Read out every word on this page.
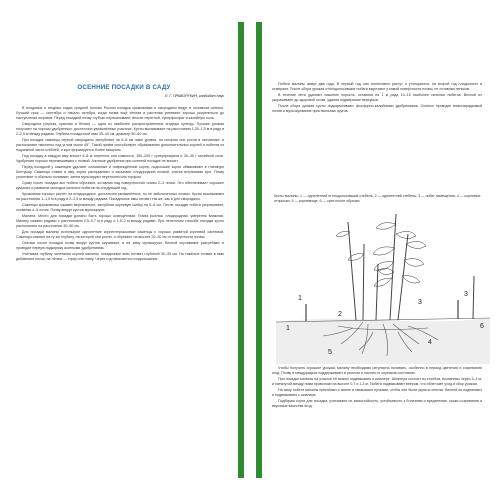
ОСЕННИЕ ПОСАДКИ В САДУ
Л. Г. ПРАВОРУКИН, кандидат наук

В плодовых и ягодных садах средней полосы России посадки крыжовника и смородины ведут в основном осенью. Лучший срок — сентябрь и начало октября, когда почва ещё тёплая и растения успевают хорошо укорениться до наступления морозов. Перед посадкой почву глубоко перекапывают, вносят перегной, суперфосфат и калийную соль.

Смородина (черная, красная и белая) — одна из наиболее распространённых ягодных культур. Лучшие урожаи получают на хорошо удобренных, достаточно увлажнённых участках. Кусты высаживают на расстоянии 1,25–1,5 м в ряду и 2–2,5 м между рядами. Глубина посадочной ямы 35–40 см, диаметр 50–60 см.

При посадке саженцы черной смородины заглубляют на 6–8 см ниже уровня, на котором они росли в питомнике, и располагают наклонно под углом около 45°. Такой приём способствует образованию дополнительных корней и побегов из подземной части стеблей, и куст формируется более мощным.

Под посадку в каждую яму вносят 6–8 кг перегноя или компоста, 150–200 г суперфосфата и 30–40 г калийной соли. Удобрения хорошо перемешивают с почвой. Азотные удобрения при осенней посадке не вносят.

Перед посадкой у саженцев удаляют сломанные и повреждённые корни, подсохшие корни обмакивают в глиняную болтушку. Саженцы ставят в яму, корни расправляют и засыпают плодородной почвой, слегка встряхивая куст. Почву уплотняют и обильно поливают, затем мульчируют перегноем или торфом.

Сразу после посадки все побеги обрезают, оставляя над поверхностью почвы 2–3 почки. Это обеспечивает хорошее кущение и развитие молодых сильных побегов на следующий год.

Крыжовник хорошо растёт на плодородных, достаточно увлажнённых, но не заболоченных почвах. Кусты высаживают на расстоянии 1–1,5 м в ряду и 2–2,5 м между рядами. Посадочные ямы готовят так же, как и для смородины.

Саженцы крыжовника сажают вертикально, заглубляя корневую шейку на 5–6 см. После посадки побеги укорачивают, оставляя 4–5 почек. Почву вокруг кустов мульчируют.

Малина. Место для посадки должно быть хорошо освещённым. Почва рыхлая, плодородная, умеренно влажная. Малину сажают рядами с расстоянием 0,5–0,7 м в ряду и 1,5–2 м между рядами. При ленточном способе посадки кусты располагают на расстоянии 30–50 см.

Для посадки малины используют однолетние корнеотпрысковые саженцы с хорошо развитой корневой системой. Саженцы сажают на ту же глубину, на которой они росли, и обрезают на высоте 20–30 см от поверхности почвы.

Осенью после посадки почву вокруг кустов окучивают, а на зиму мульчируют. Весной окучивание разгребают и проводят первую подкормку азотными удобрениями.

Учитывая глубину залегания корней малины, посадочные ямы готовят глубиной 30–35 см. На тяжёлых почвах в ямы добавляют песок, на лёгких — торф или глину. Через год начинается плодоношение.

Побеги малины живут два года. В первый год они интенсивно растут и утолщаются, на второй год плодоносят и отмирают. После сбора урожая отплодоносившие побеги вырезают у самой поверхности почвы, не оставляя пеньков.

В течение лета удаляют лишнюю поросль, оставляя на 1 м ряда 10–15 наиболее сильных побегов. Весной их укорачивают до здоровой почки, удаляя подмёрзшие верхушки.

После сбора урожая кусты подкармливают фосфорно-калийными удобрениями. Осенью проводят влагозарядковый полив и мульчирование приствольных кругов.

Кусты малины: 1 — однолетний отплодоносивший стебель; 2 — однолетний стебель; 3 — побег замещения; 4 — корневые отпрыски; 5 — корневище; 6 — срез после обрезки.
1
2
3
4
5
1
3
6

Чтобы получить хорошие урожаи, малину необходимо регулярно поливать, особенно в период цветения и созревания ягод. Почву в междурядьях поддерживают в рыхлом и чистом от сорняков состоянии.

При посадке малины на участке её можно подвязывать к шпалере. Шпалера состоит из столбов, вкопанных через 3–4 м, и натянутой между ними проволоки на высоте 0,7 и 1,2 м. Побеги подвязывают веером, что облегчает уход и сбор урожая.

На зиму побеги малины пригибают к земле и связывают пучками, чтобы они были укрыты снегом. Весной их поднимают и подвязывают к шпалере.

Подбирая сорта для посадки, учитывают их зимостойкость, устойчивость к болезням и вредителям, сроки созревания и вкусовые качества ягод.
